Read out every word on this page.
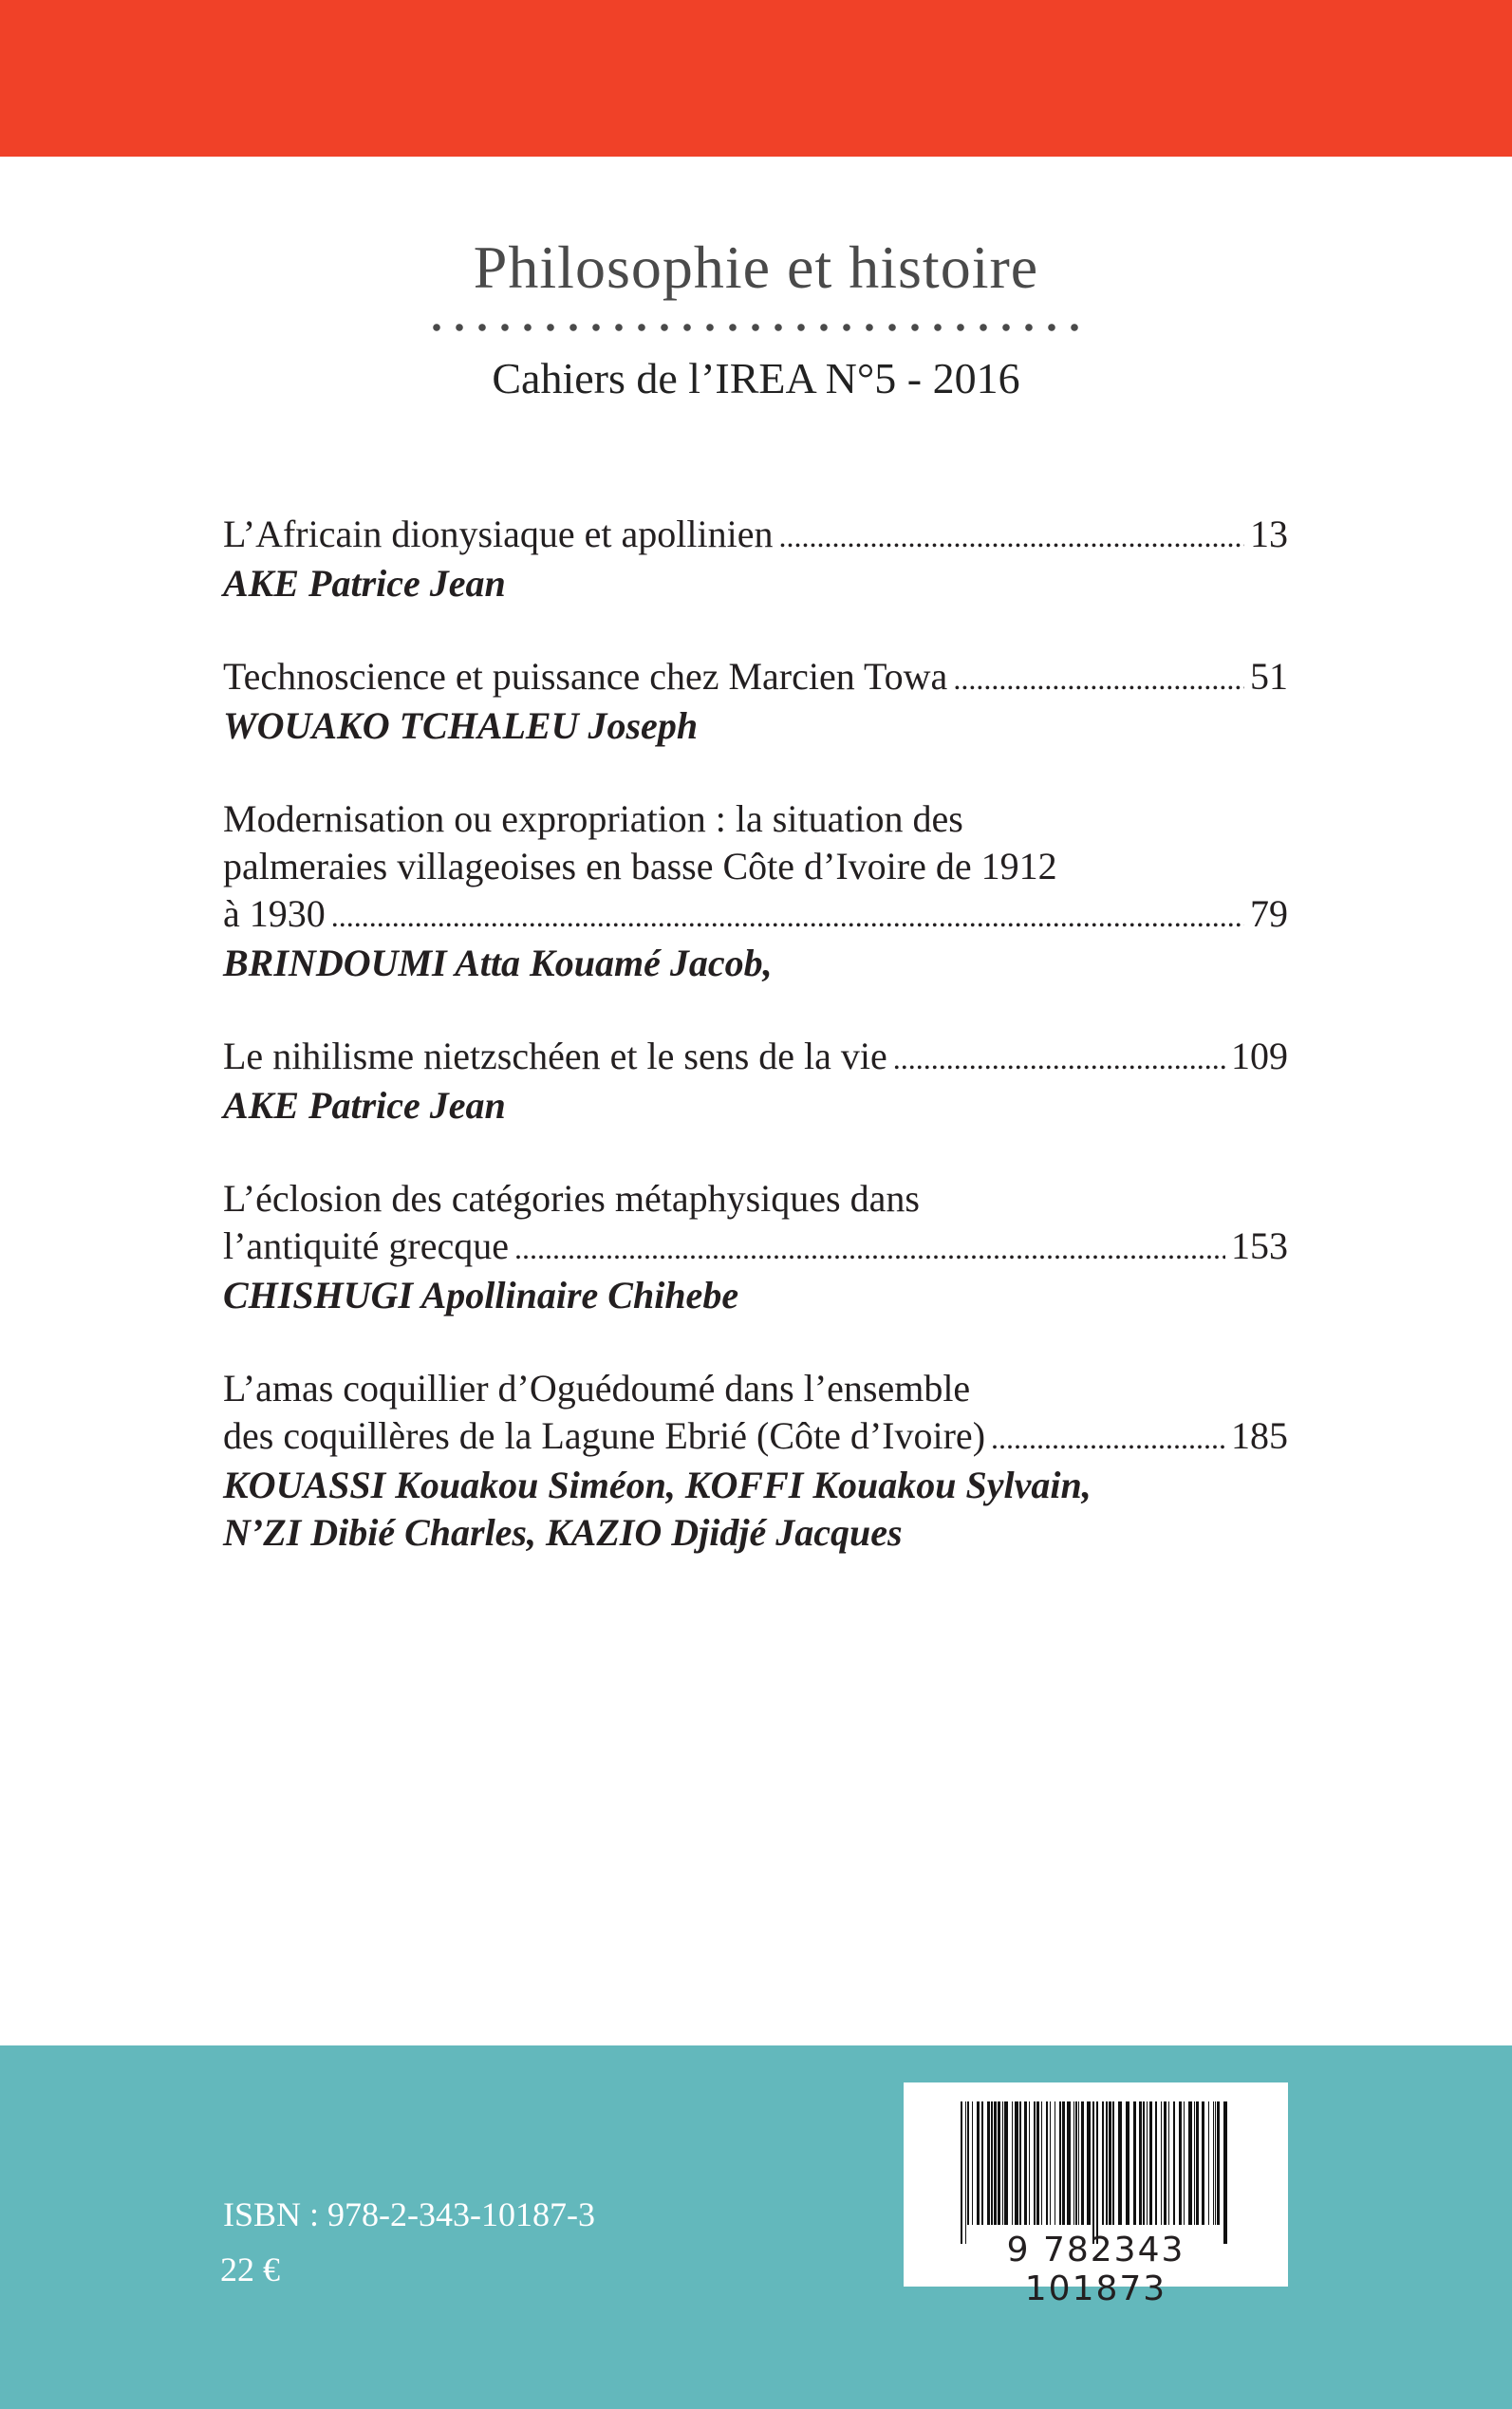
Philosophie et histoire
Cahiers de l’IREA N°5 - 2016
L’Africain dionysiaque et apollinien . . .	13
AKE Patrice Jean
Technoscience et puissance chez Marcien Towa . . .	51
WOUAKO TCHALEU Joseph
Modernisation ou expropriation : la situation des
palmeraies villageoises en basse Côte d’Ivoire de 1912
à 1930 . . .	79
BRINDOUMI Atta Kouamé Jacob,
Le nihilisme nietzschéen et le sens de la vie . . .	109
AKE Patrice Jean
L’éclosion des catégories métaphysiques dans
l’antiquité grecque . . .	153
CHISHUGI Apollinaire Chihebe
L’amas coquillier d’Oguédoumé dans l’ensemble
des coquillères de la Lagune Ebrié (Côte d’Ivoire) . . .	185
KOUASSI Kouakou Siméon, KOFFI Kouakou Sylvain,
N’ZI Dibié Charles, KAZIO Djidjé Jacques
ISBN : 978-2-343-10187-3
22 €	9 782343 101873
